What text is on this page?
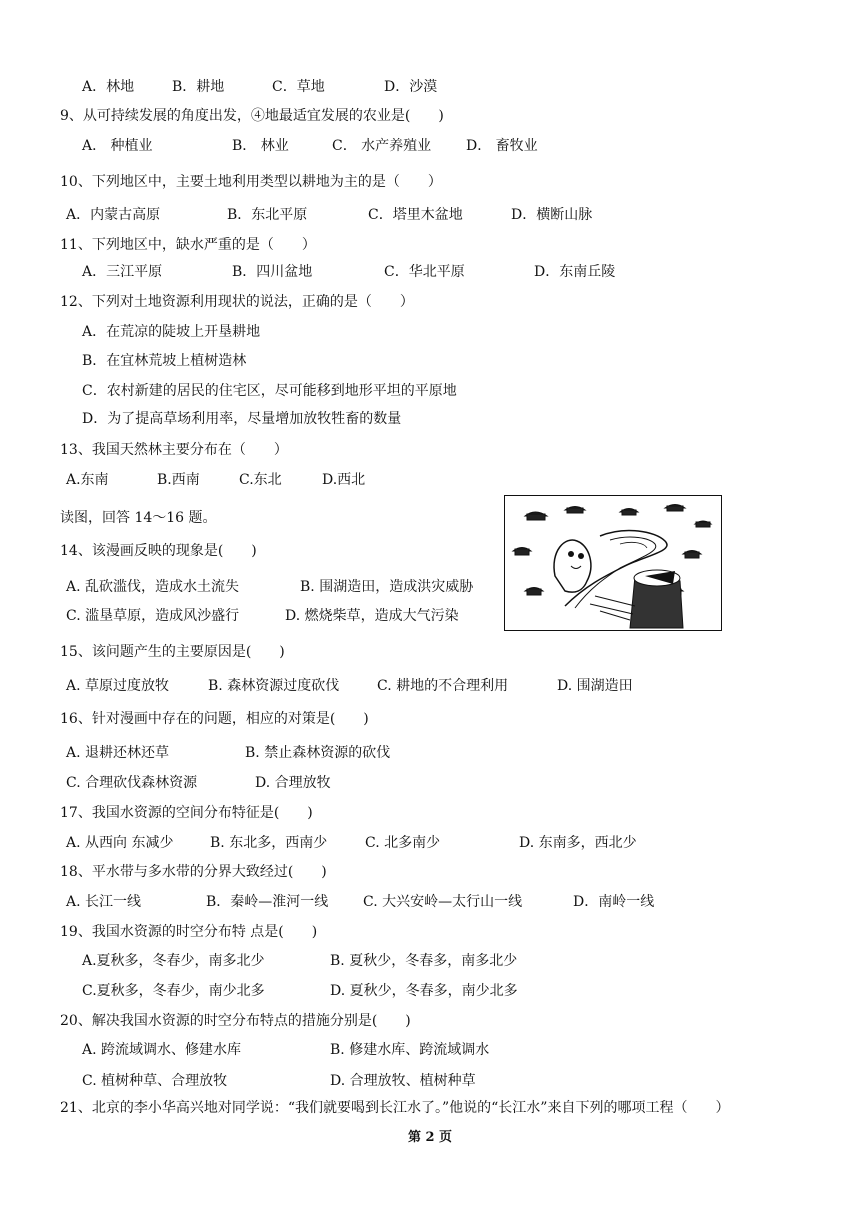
A．林地	B．耕地	C．草地	D．沙漠
9、从可持续发展的角度出发，④地最适宜发展的农业是(　　)
A． 种植业	B． 林业	C． 水产养殖业 D． 畜牧业
10、下列地区中，主要土地利用类型以耕地为主的是（　　）
A．内蒙古高原	B．东北平原	C．塔里木盆地	D．横断山脉
11、下列地区中，缺水严重的是（　　）
A．三江平原	B．四川盆地	C．华北平原	D．东南丘陵
12、下列对土地资源利用现状的说法，正确的是（　　）
A．在荒凉的陡坡上开垦耕地
B．在宜林荒坡上植树造林
C．农村新建的居民的住宅区，尽可能移到地形平坦的平原地
D．为了提高草场利用率，尽量增加放牧牲畜的数量
13、我国天然林主要分布在（　　）
A.东南	B.西南	C.东北	D.西北
读图，回答 14～16 题。
14、该漫画反映的现象是(　　)
A. 乱砍滥伐，造成水土流失	B. 围湖造田，造成洪灾威胁
C. 滥垦草原，造成风沙盛行	D. 燃烧柴草，造成大气污染
15、该问题产生的主要原因是(　　)
A. 草原过度放牧	B. 森林资源过度砍伐	C. 耕地的不合理利用	D. 围湖造田
16、针对漫画中存在的问题，相应的对策是(　　)
A. 退耕还林还草	B. 禁止森林资源的砍伐
C. 合理砍伐森林资源	D. 合理放牧
17、我国水资源的空间分布特征是(　　)
A. 从西向 东减少	B. 东北多，西南少	C. 北多南少	D. 东南多，西北少
18、平水带与多水带的分界大致经过(　　)
A. 长江一线	B．秦岭—淮河一线 C. 大兴安岭—太行山一线	D．南岭一线
19、我国水资源的时空分布特 点是(　　)
A.夏秋多，冬春少，南多北少	B. 夏秋少，冬春多，南多北少
C.夏秋多，冬春少，南少北多	D. 夏秋少，冬春多，南少北多
20、解决我国水资源的时空分布特点的措施分别是(　　)
A. 跨流域调水、修建水库	B. 修建水库、跨流域调水
C. 植树种草、合理放牧	D. 合理放牧、植树种草
21、北京的李小华高兴地对同学说：“我们就要喝到长江水了。”他说的“长江水”来自下列的哪项工程（　　）
第 2 页
